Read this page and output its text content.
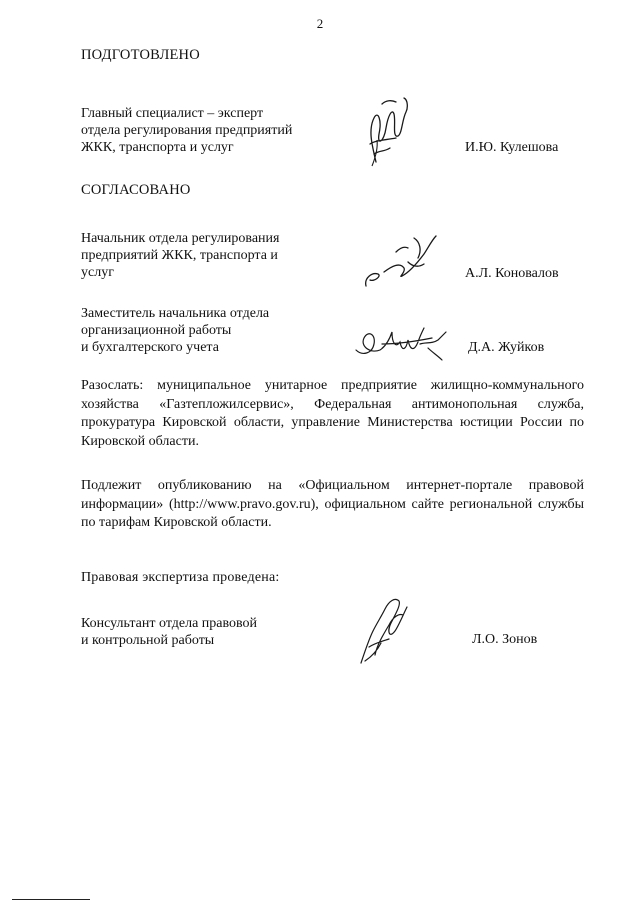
2
ПОДГОТОВЛЕНО
Главный специалист – эксперт
отдела регулирования предприятий
ЖКК, транспорта и услуг	И.Ю. Кулешова
СОГЛАСОВАНО
Начальник отдела регулирования
предприятий ЖКК, транспорта и
услуг	А.Л. Коновалов
Заместитель начальника отдела
организационной работы
и бухгалтерского учета	Д.А. Жуйков
Разослать: муниципальное унитарное предприятие жилищно-коммунального хозяйства «Газтепложилсервис», Федеральная антимонопольная служба, прокуратура Кировской области, управление Министерства юстиции России по Кировской области.
Подлежит опубликованию на «Официальном интернет-портале правовой информации» (http://www.pravo.gov.ru), официальном сайте региональной службы по тарифам Кировской области.
Правовая экспертиза проведена:
Консультант отдела правовой
и контрольной работы	Л.О. Зонов
